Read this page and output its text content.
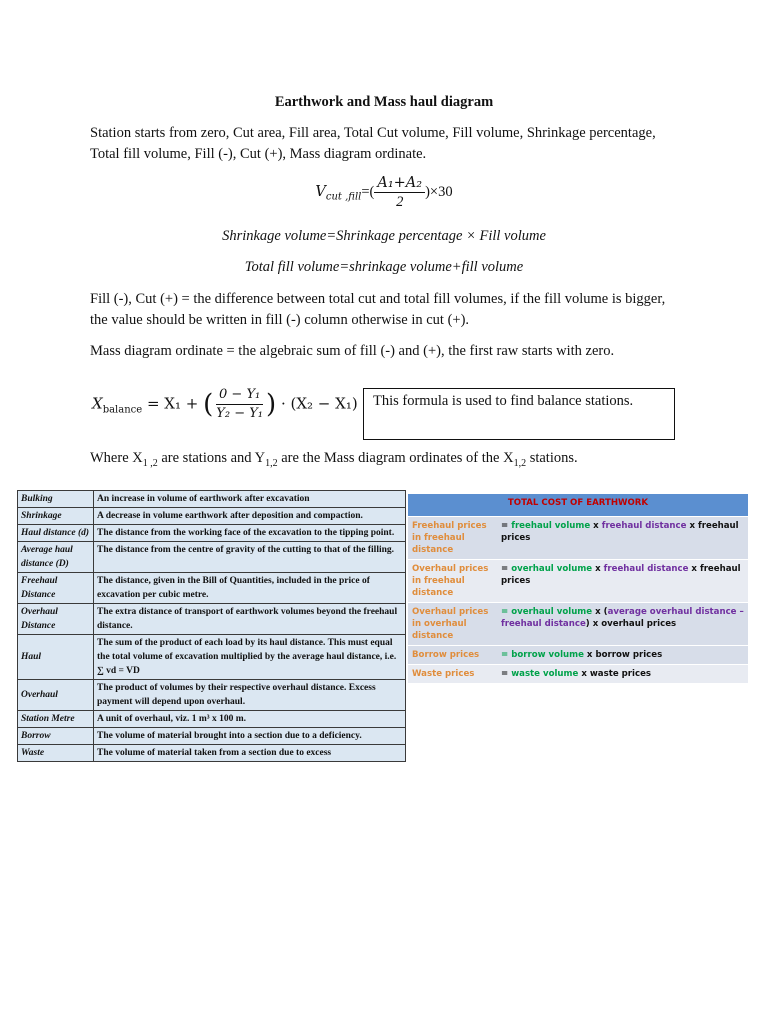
Earthwork and Mass haul diagram
Station starts from zero, Cut area, Fill area, Total Cut volume, Fill volume, Shrinkage percentage, Total fill volume, Fill (-), Cut (+), Mass diagram ordinate.
$V_{cut ,fill}=( \frac{\text{A₁+A₂}}{2} )\times 30$
Shrinkage volume=Shrinkage percentage × Fill volume
Total fill volume=shrinkage volume+fill volume
Fill (-), Cut (+) = the difference between total cut and total fill volumes, if the fill volume is bigger, the value should be written in fill (-) column otherwise in cut (+).
Mass diagram ordinate = the algebraic sum of fill (-) and (+), the first raw starts with zero.
$X_{balance} = X_1$ + ( $\frac{\text{0 − Y₁}}{\text{Y₂ − Y₁}}$ ) · (X₂ − X₁)	This formula is used to find balance stations.
Where $X_{1 ,2}$ are stations and $Y_{1,2}$ are the Mass diagram ordinates of the $X_{1,2}$ stations.
Bulking	An increase in volume of earthwork after excavation
Shrinkage	A decrease in volume earthwork after deposition and compaction.
Haul distance (d)	The distance from the working face of the excavation to the tipping point.
Average haul distance (D)	The distance from the centre of gravity of the cutting to that of the filling.
Freehaul Distance	The distance, given in the Bill of Quantities, included in the price of excavation per cubic metre.
Overhaul Distance	The extra distance of transport of earthwork volumes beyond the freehaul distance.
Haul	The sum of the product of each load by its haul distance. This must equal the total volume of excavation multiplied by the average haul distance, i.e. ∑ vd = VD
Overhaul	The product of volumes by their respective overhaul distance. Excess payment will depend upon overhaul.
Station Metre	A unit of overhaul, viz. 1 m³ x 100 m.
Borrow	The volume of material brought into a section due to a deficiency.
Waste	The volume of material taken from a section due to excess
TOTAL COST OF EARTHWORK	
Freehaul prices in freehaul distance	= freehaul volume x freehaul distance x freehaul prices
Overhaul prices in freehaul distance	= overhaul volume x freehaul distance x freehaul prices
Overhaul prices in overhaul distance	= overhaul volume x (average overhaul distance – freehaul distance) x overhaul prices
Borrow prices	= borrow volume x borrow prices
Waste prices	= waste volume x waste prices
